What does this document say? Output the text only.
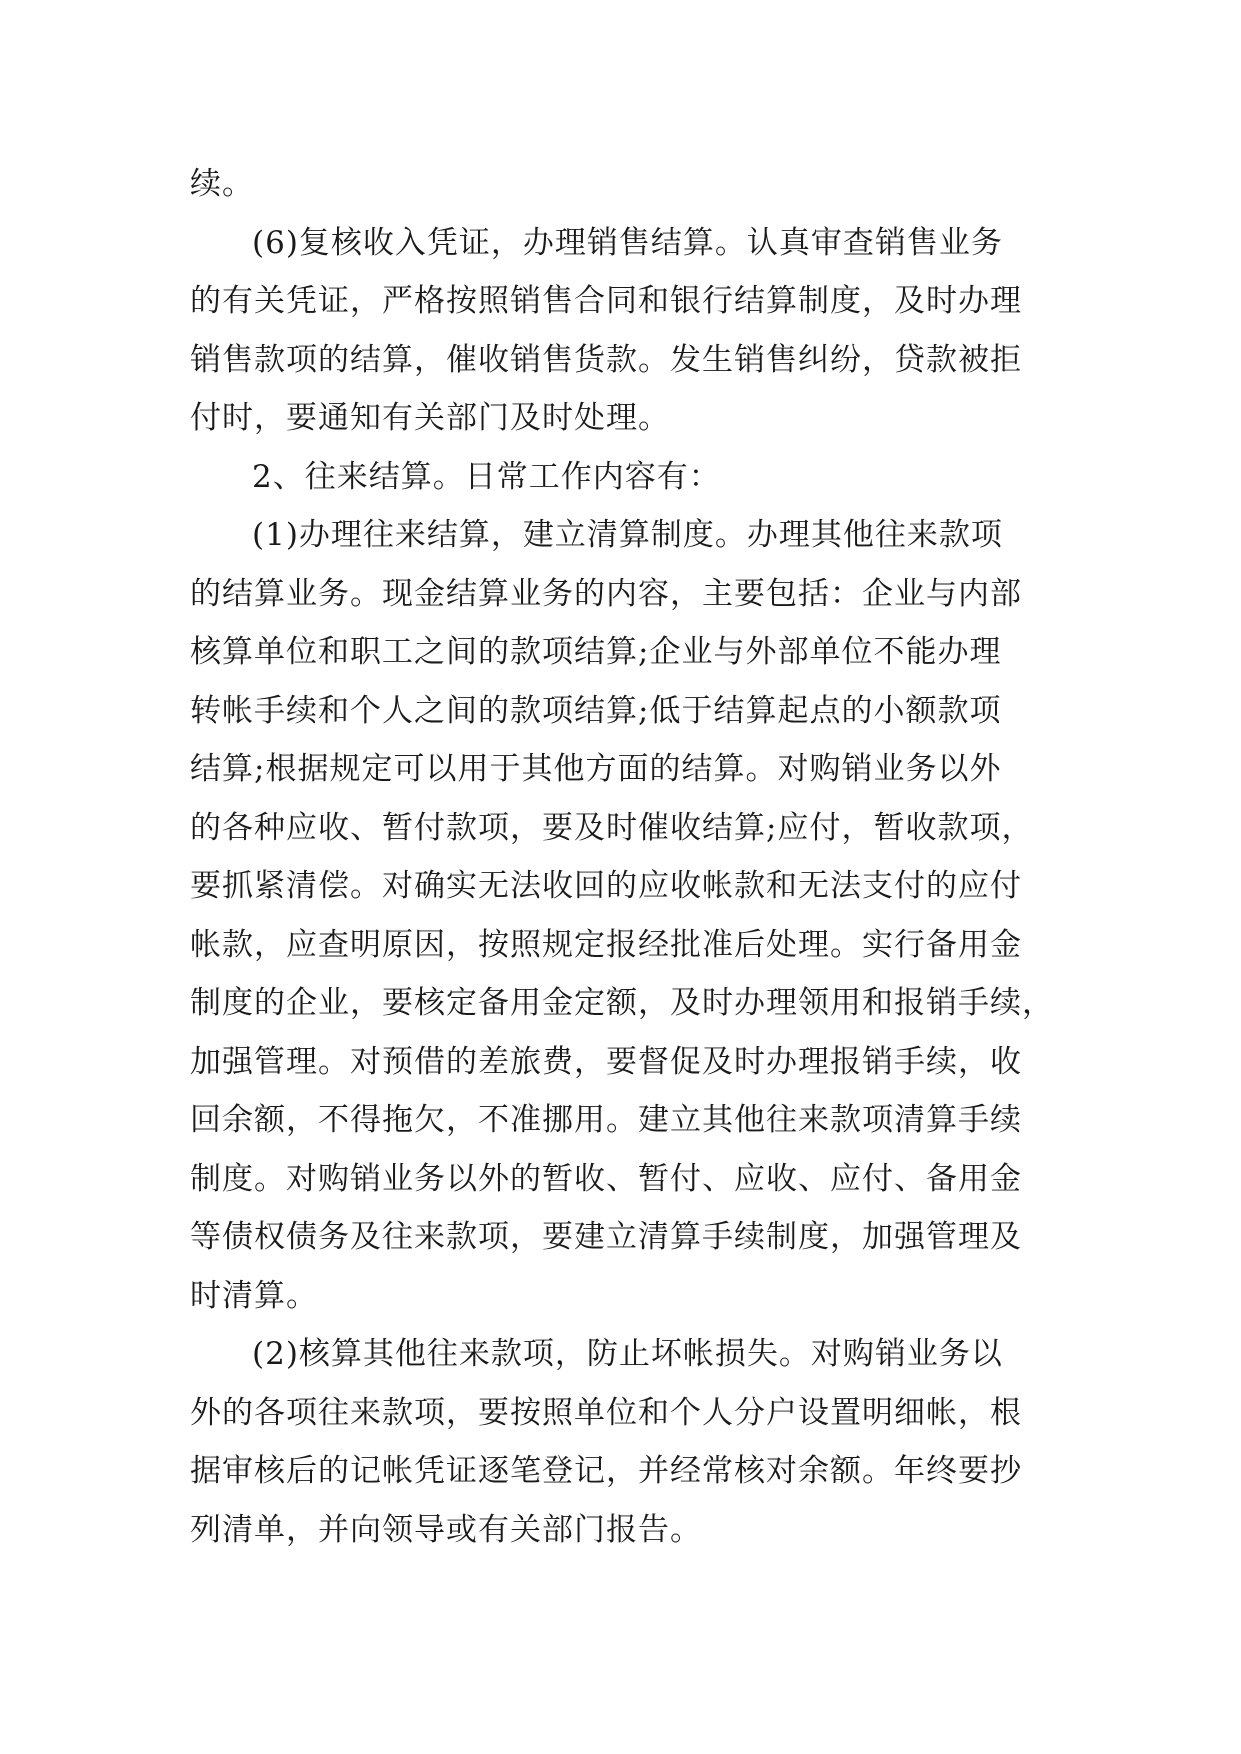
续。
(6)复核收入凭证，办理销售结算。认真审查销售业务
的有关凭证，严格按照销售合同和银行结算制度，及时办理
销售款项的结算，催收销售货款。发生销售纠纷，贷款被拒
付时，要通知有关部门及时处理。
2、往来结算。日常工作内容有：
(1)办理往来结算，建立清算制度。办理其他往来款项
的结算业务。现金结算业务的内容，主要包括：企业与内部
核算单位和职工之间的款项结算;企业与外部单位不能办理
转帐手续和个人之间的款项结算;低于结算起点的小额款项
结算;根据规定可以用于其他方面的结算。对购销业务以外
的各种应收、暂付款项，要及时催收结算;应付，暂收款项，
要抓紧清偿。对确实无法收回的应收帐款和无法支付的应付
帐款，应查明原因，按照规定报经批准后处理。实行备用金
制度的企业，要核定备用金定额，及时办理领用和报销手续，
加强管理。对预借的差旅费，要督促及时办理报销手续，收
回余额，不得拖欠，不准挪用。建立其他往来款项清算手续
制度。对购销业务以外的暂收、暂付、应收、应付、备用金
等债权债务及往来款项，要建立清算手续制度，加强管理及
时清算。
(2)核算其他往来款项，防止坏帐损失。对购销业务以
外的各项往来款项，要按照单位和个人分户设置明细帐，根
据审核后的记帐凭证逐笔登记，并经常核对余额。年终要抄
列清单，并向领导或有关部门报告。
